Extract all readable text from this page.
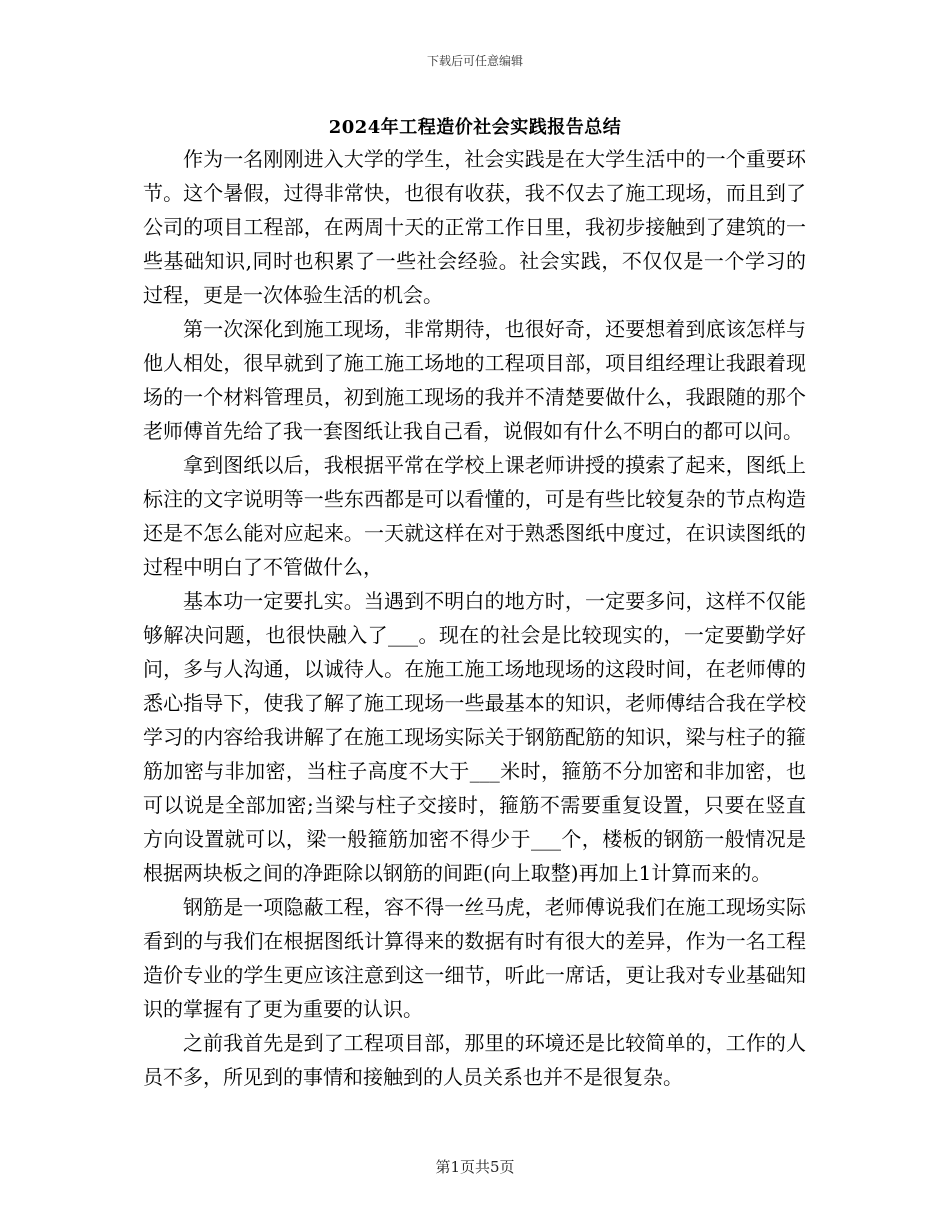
下载后可任意编辑
2024年工程造价社会实践报告总结

作为一名刚刚进入大学的学生，社会实践是在大学生活中的一个重要环节。这个暑假，过得非常快，也很有收获，我不仅去了施工现场，而且到了公司的项目工程部，在两周十天的正常工作日里，我初步接触到了建筑的一些基础知识,同时也积累了一些社会经验。社会实践，不仅仅是一个学习的过程，更是一次体验生活的机会。

第一次深化到施工现场，非常期待，也很好奇，还要想着到底该怎样与他人相处，很早就到了施工施工场地的工程项目部，项目组经理让我跟着现场的一个材料管理员，初到施工现场的我并不清楚要做什么，我跟随的那个老师傅首先给了我一套图纸让我自己看，说假如有什么不明白的都可以问。

拿到图纸以后，我根据平常在学校上课老师讲授的摸索了起来，图纸上标注的文字说明等一些东西都是可以看懂的，可是有些比较复杂的节点构造还是不怎么能对应起来。一天就这样在对于熟悉图纸中度过，在识读图纸的过程中明白了不管做什么，

基本功一定要扎实。当遇到不明白的地方时，一定要多问，这样不仅能够解决问题，也很快融入了___。现在的社会是比较现实的，一定要勤学好问，多与人沟通，以诚待人。在施工施工场地现场的这段时间，在老师傅的悉心指导下，使我了解了施工现场一些最基本的知识，老师傅结合我在学校学习的内容给我讲解了在施工现场实际关于钢筋配筋的知识，梁与柱子的箍筋加密与非加密，当柱子高度不大于___米时，箍筋不分加密和非加密，也可以说是全部加密;当梁与柱子交接时，箍筋不需要重复设置，只要在竖直方向设置就可以，梁一般箍筋加密不得少于___个，楼板的钢筋一般情况是根据两块板之间的净距除以钢筋的间距(向上取整)再加上1计算而来的。

钢筋是一项隐蔽工程，容不得一丝马虎，老师傅说我们在施工现场实际看到的与我们在根据图纸计算得来的数据有时有很大的差异，作为一名工程造价专业的学生更应该注意到这一细节，听此一席话，更让我对专业基础知识的掌握有了更为重要的认识。

之前我首先是到了工程项目部，那里的环境还是比较简单的，工作的人员不多，所见到的事情和接触到的人员关系也并不是很复杂。

第1页共5页
